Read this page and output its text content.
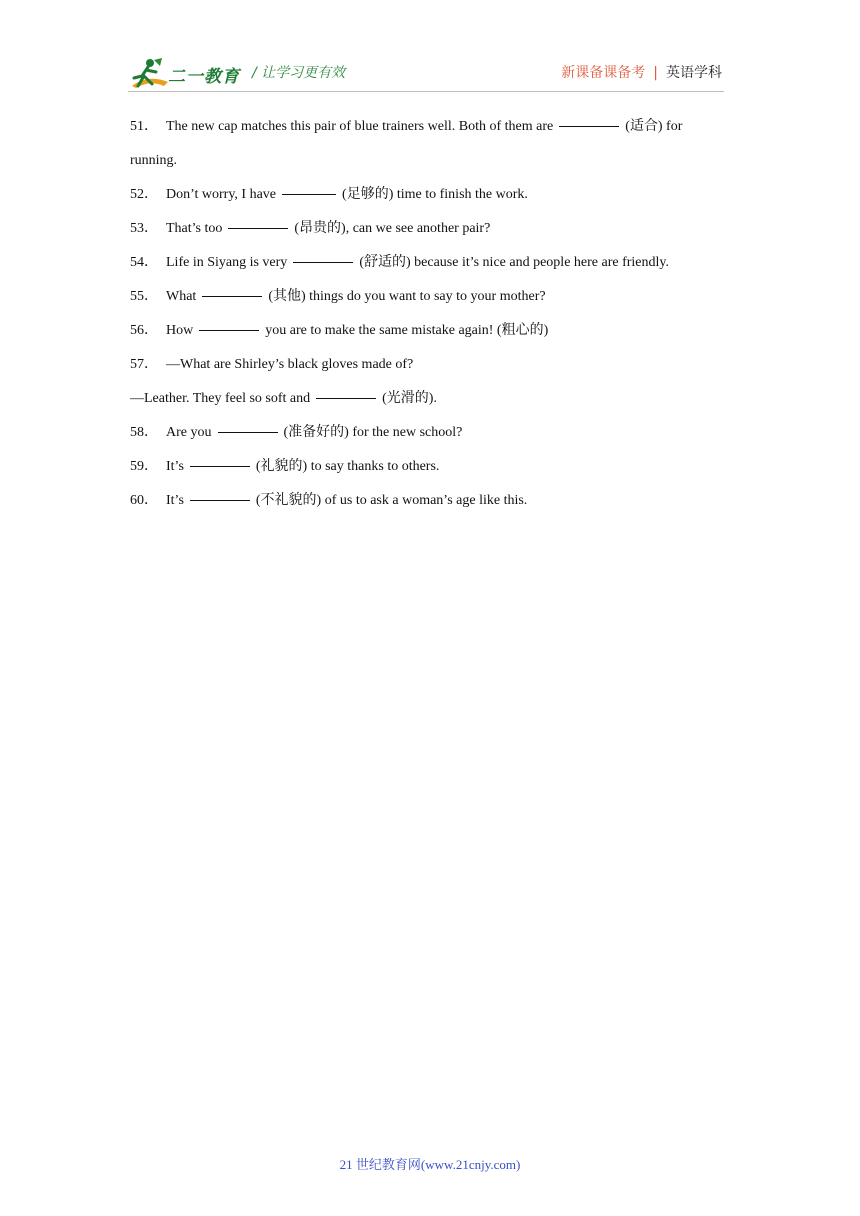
二一教育 / 让学习更有效	新课备课备考 | 英语学科
51． The new cap matches this pair of blue trainers well. Both of them are	(适合) for running.
52． Don’t worry, I have	(足够的) time to finish the work.
53． That’s too	(昂贵的), can we see another pair?
54． Life in Siyang is very	(舒适的) because it’s nice and people here are friendly.
55． What	(其他) things do you want to say to your mother?
56． How	you are to make the same mistake again! (粗心的)
57． —What are Shirley’s black gloves made of?
—Leather. They feel so soft and	(光滑的).
58． Are you	(准备好的) for the new school?
59． It’s	(礼貌的) to say thanks to others.
60． It’s	(不礼貌的) of us to ask a woman’s age like this.
21 世纪教育网(www.21cnjy.com)
